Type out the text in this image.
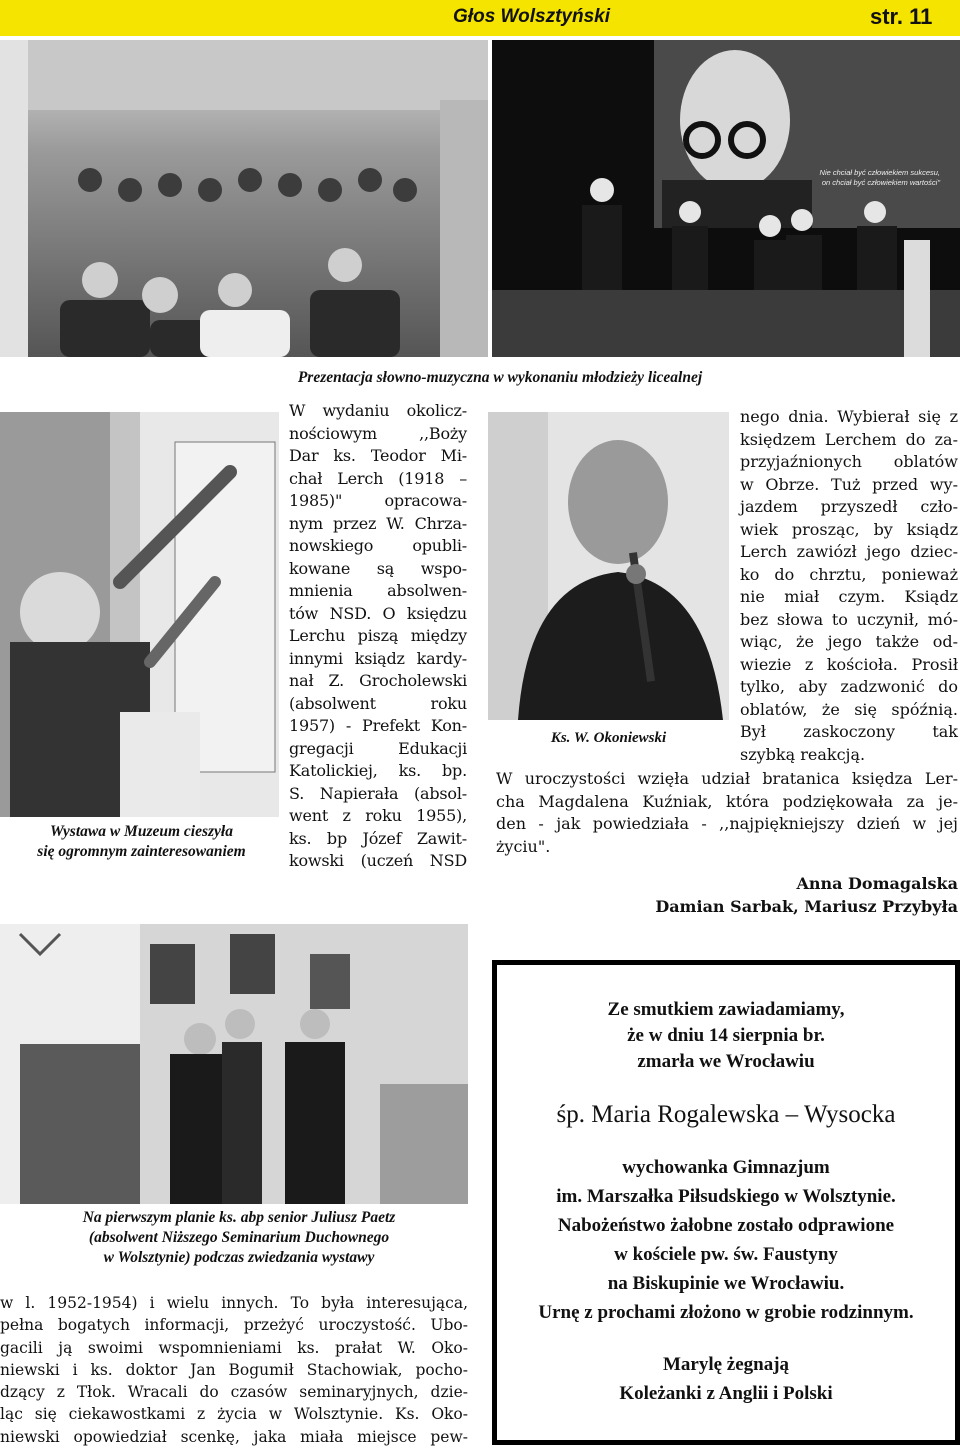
Głos Wolsztyński	str. 11
Nie chciał być człowiekiem sukcesu,
on chciał być człowiekiem wartości"
Prezentacja słowno-muzyczna w wykonaniu młodzieży licealnej
Wystawa w Muzeum cieszyła
się ogromnym zainteresowaniem

W wydaniu okolicz-

nościowym ,,Boży

Dar ks. Teodor Mi-

chał Lerch (1918 –

1985)" opracowa-

nym przez W. Chrza-

nowskiego opubli-

kowane są wspo-

mnienia absolwen-

tów NSD. O księdzu

Lerchu piszą między

innymi ksiądz kardy-

nał Z. Grocholewski

(absolwent roku

1957) - Prefekt Kon-

gregacji Edukacji

Katolickiej, ks. bp.

S. Napierała (absol-

went z roku 1955),

ks. bp Józef Zawit-

kowski (uczeń NSD

Ks. W. Okoniewski

nego dnia. Wybierał się z

księdzem Lerchem do za-

przyjaźnionych oblatów

w Obrze. Tuż przed wy-

jazdem przyszedł czło-

wiek prosząc, by ksiądz

Lerch zawiózł jego dziec-

ko do chrztu, ponieważ

nie miał czym. Ksiądz

bez słowa to uczynił, mó-

wiąc, że jego także od-

wiezie z kościoła. Prosił

tylko, aby zadzwonić do

oblatów, że się spóźnią.

Był zaskoczony tak

szybką reakcją.

W uroczystości wzięła udział bratanica księdza Ler-

cha Magdalena Kuźniak, która podziękowała za je-

den - jak powiedziała - ,,najpiękniejszy dzień w jej

życiu".

Anna Domagalska
Damian Sarbak, Mariusz Przybyła
Na pierwszym planie ks. abp senior Juliusz Paetz
(absolwent Niższego Seminarium Duchownego
w Wolsztynie) podczas zwiedzania wystawy

w l. 1952-1954) i wielu innych. To była interesująca,

pełna bogatych informacji, przeżyć uroczystość. Ubo-

gacili ją swoimi wspomnieniami ks. prałat W. Oko-

niewski i ks. doktor Jan Bogumił Stachowiak, pocho-

dzący z Tłok. Wracali do czasów seminaryjnych, dzie-

ląc się ciekawostkami z życia w Wolsztynie. Ks. Oko-

niewski opowiedział scenkę, jaka miała miejsce pew-

Ze smutkiem zawiadamiamy,
że w dniu 14 sierpnia br.
zmarła we Wrocławiu
śp. Maria Rogalewska – Wysocka
wychowanka Gimnazjum
im. Marszałka Piłsudskiego w Wolsztynie.
Nabożeństwo żałobne zostało odprawione
w kościele pw. św. Faustyny
na Biskupinie we Wrocławiu.
Urnę z prochami złożono w grobie rodzinnym.
Marylę żegnają
Koleżanki z Anglii i Polski
